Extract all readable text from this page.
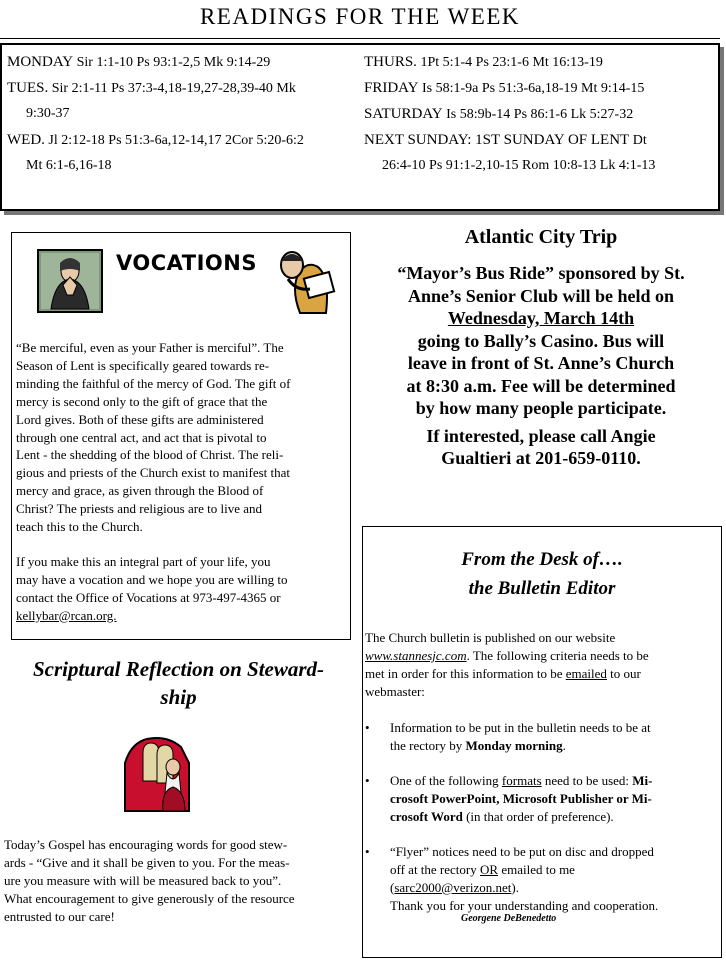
READINGS FOR THE WEEK
MONDAY Sir 1:1-10 Ps 93:1-2,5 Mk 9:14-29
TUES. Sir 2:1-11 Ps 37:3-4,18-19,27-28,39-40 Mk
9:30-37
WED. Jl 2:12-18 Ps 51:3-6a,12-14,17 2Cor 5:20-6:2
Mt 6:1-6,16-18
THURS. 1Pt 5:1-4 Ps 23:1-6 Mt 16:13-19
FRIDAY Is 58:1-9a Ps 51:3-6a,18-19 Mt 9:14-15
SATURDAY Is 58:9b-14 Ps 86:1-6 Lk 5:27-32
NEXT SUNDAY: 1ST SUNDAY OF LENT Dt
26:4-10 Ps 91:1-2,10-15 Rom 10:8-13 Lk 4:1-13
VOCATIONS
“Be merciful, even as your Father is merciful”. The
Season of Lent is specifically geared towards re-
minding the faithful of the mercy of God. The gift of
mercy is second only to the gift of grace that the
Lord gives. Both of these gifts are administered
through one central act, and act that is pivotal to
Lent - the shedding of the blood of Christ. The reli-
gious and priests of the Church exist to manifest that
mercy and grace, as given through the Blood of
Christ? The priests and religious are to live and
teach this to the Church.
If you make this an integral part of your life, you
may have a vocation and we hope you are willing to
contact the Office of Vocations at 973-497-4365 or
kellybar@rcan.org.
Scriptural Reflection on Steward-
ship
Today’s Gospel has encouraging words for good stew-
ards - “Give and it shall be given to you. For the meas-
ure you measure with will be measured back to you”.
What encouragement to give generously of the resource
entrusted to our care!
Atlantic City Trip
“Mayor’s Bus Ride” sponsored by St.
Anne’s Senior Club will be held on
Wednesday, March 14th
going to Bally’s Casino. Bus will
leave in front of St. Anne’s Church
at 8:30 a.m. Fee will be determined
by how many people participate.
If interested, please call Angie
Gualtieri at 201-659-0110.
From the Desk of….
the Bulletin Editor
The Church bulletin is published on our website
www.stannesjc.com. The following criteria needs to be
met in order for this information to be emailed to our
webmaster:
• Information to be put in the bulletin needs to be at
the rectory by Monday morning.
• One of the following formats need to be used: Mi-
crosoft PowerPoint, Microsoft Publisher or Mi-
crosoft Word (in that order of preference).
• “Flyer” notices need to be put on disc and dropped
off at the rectory OR emailed to me
(sarc2000@verizon.net).
Thank you for your understanding and cooperation.
Georgene DeBenedetto
